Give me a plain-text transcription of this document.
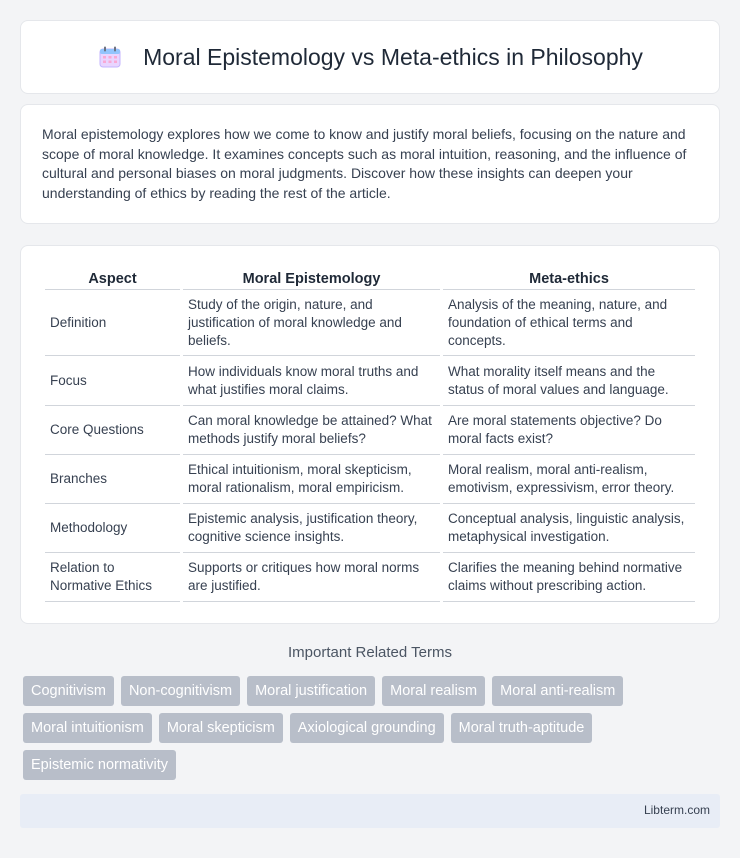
Moral Epistemology vs Meta-ethics in Philosophy

Moral epistemology explores how we come to know and justify moral beliefs, focusing on the nature and scope of moral knowledge. It examines concepts such as moral intuition, reasoning, and the influence of cultural and personal biases on moral judgments. Discover how these insights can deepen your understanding of ethics by reading the rest of the article.

Aspect	Moral Epistemology	Meta-ethics
Definition	Study of the origin, nature, and justification of moral knowledge and beliefs.	Analysis of the meaning, nature, and foundation of ethical terms and concepts.
Focus	How individuals know moral truths and what justifies moral claims.	What morality itself means and the status of moral values and language.
Core Questions	Can moral knowledge be attained? What methods justify moral beliefs?	Are moral statements objective? Do moral facts exist?
Branches	Ethical intuitionism, moral skepticism, moral rationalism, moral empiricism.	Moral realism, moral anti-realism, emotivism, expressivism, error theory.
Methodology	Epistemic analysis, justification theory, cognitive science insights.	Conceptual analysis, linguistic analysis, metaphysical investigation.
Relation to Normative Ethics	Supports or critiques how moral norms are justified.	Clarifies the meaning behind normative claims without prescribing action.
Important Related Terms
Cognitivism	Non-cognitivism	Moral justification	Moral realism	Moral anti-realism
Moral intuitionism	Moral skepticism	Axiological grounding	Moral truth-aptitude
Epistemic normativity
Libterm.com
